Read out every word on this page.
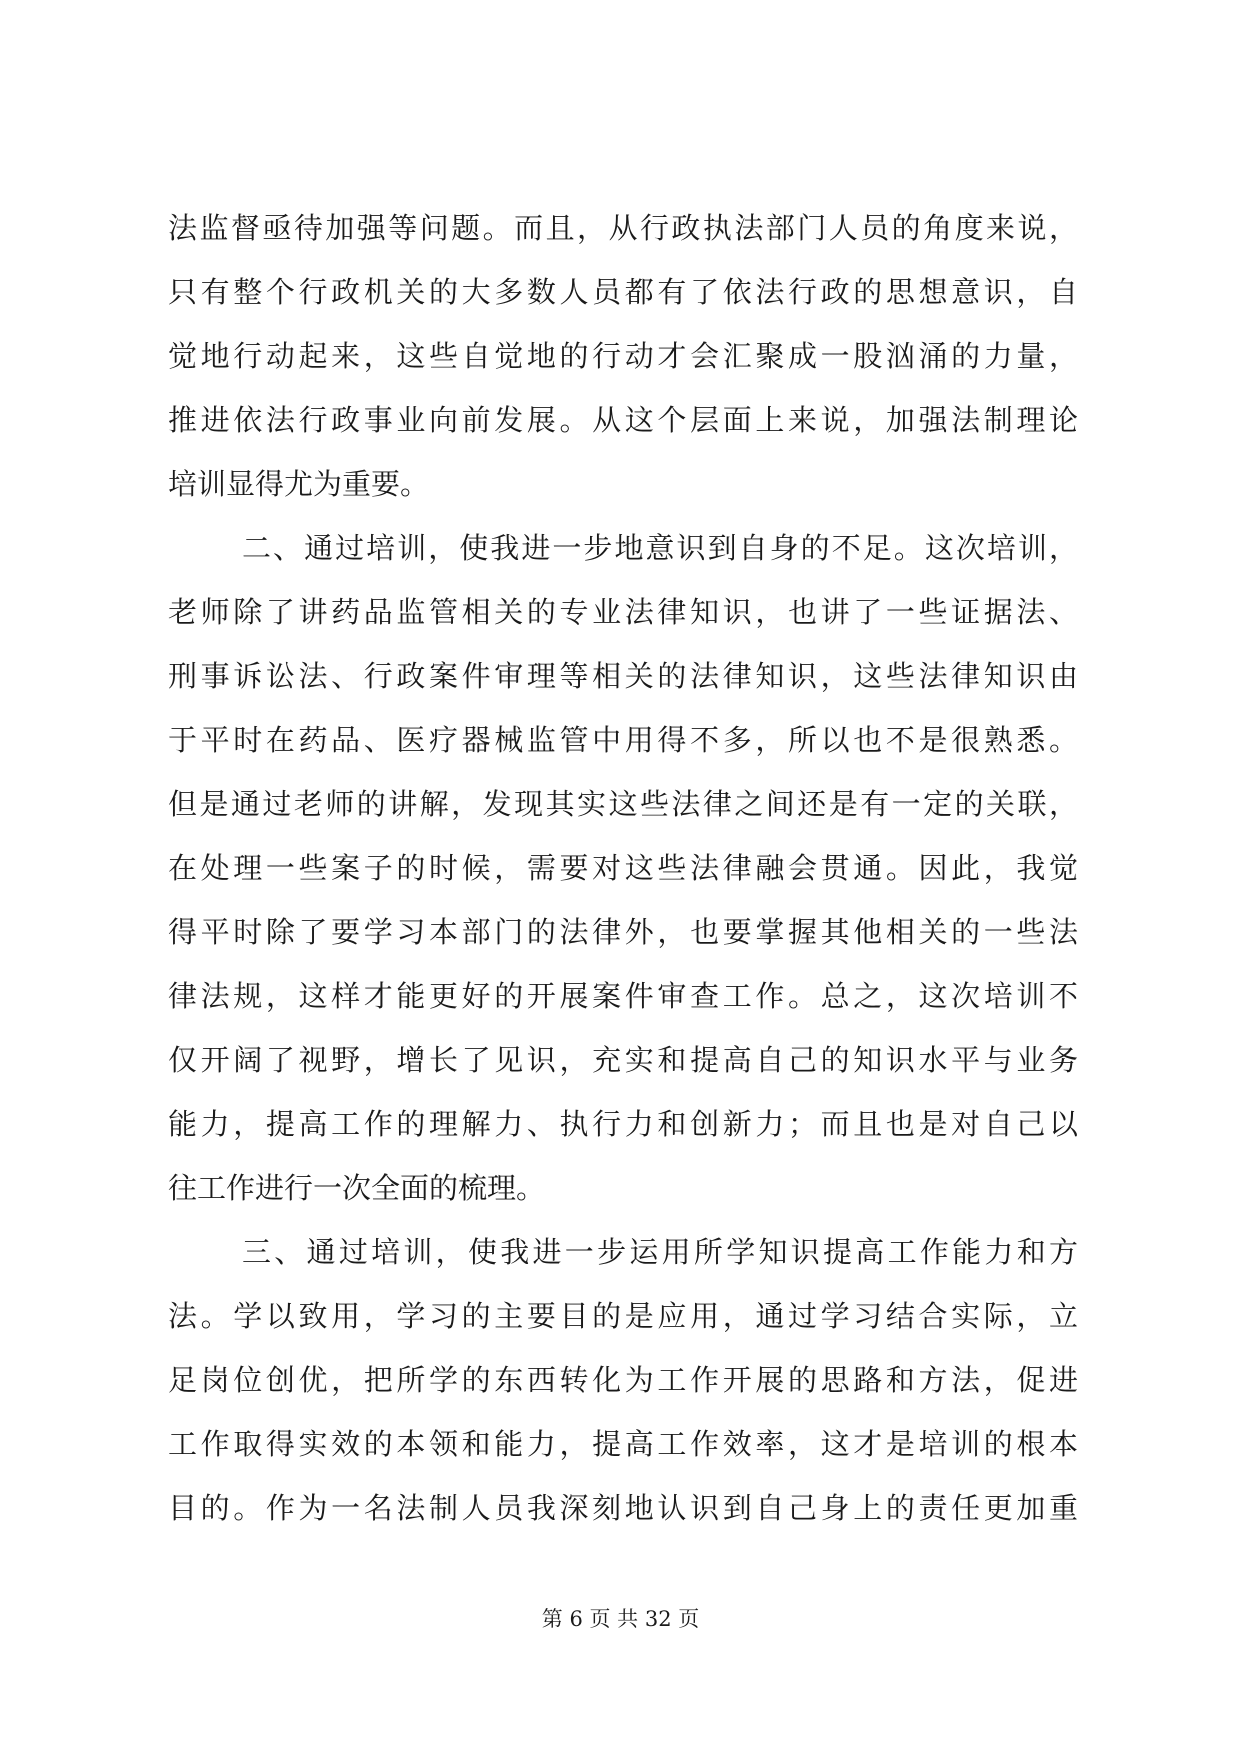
法监督亟待加强等问题。而且，从行政执法部门人员的角度来说，
只有整个行政机关的大多数人员都有了依法行政的思想意识，自
觉地行动起来，这些自觉地的行动才会汇聚成一股汹涌的力量，
推进依法行政事业向前发展。从这个层面上来说，加强法制理论
培训显得尤为重要。
二、通过培训，使我进一步地意识到自身的不足。这次培训，
老师除了讲药品监管相关的专业法律知识，也讲了一些证据法、
刑事诉讼法、行政案件审理等相关的法律知识，这些法律知识由
于平时在药品、医疗器械监管中用得不多，所以也不是很熟悉。
但是通过老师的讲解，发现其实这些法律之间还是有一定的关联，
在处理一些案子的时候，需要对这些法律融会贯通。因此，我觉
得平时除了要学习本部门的法律外，也要掌握其他相关的一些法
律法规，这样才能更好的开展案件审查工作。总之，这次培训不
仅开阔了视野，增长了见识，充实和提高自己的知识水平与业务
能力，提高工作的理解力、执行力和创新力；而且也是对自己以
往工作进行一次全面的梳理。
三、通过培训，使我进一步运用所学知识提高工作能力和方
法。学以致用，学习的主要目的是应用，通过学习结合实际，立
足岗位创优，把所学的东西转化为工作开展的思路和方法，促进
工作取得实效的本领和能力，提高工作效率，这才是培训的根本
目的。作为一名法制人员我深刻地认识到自己身上的责任更加重
第 6 页 共 32 页
